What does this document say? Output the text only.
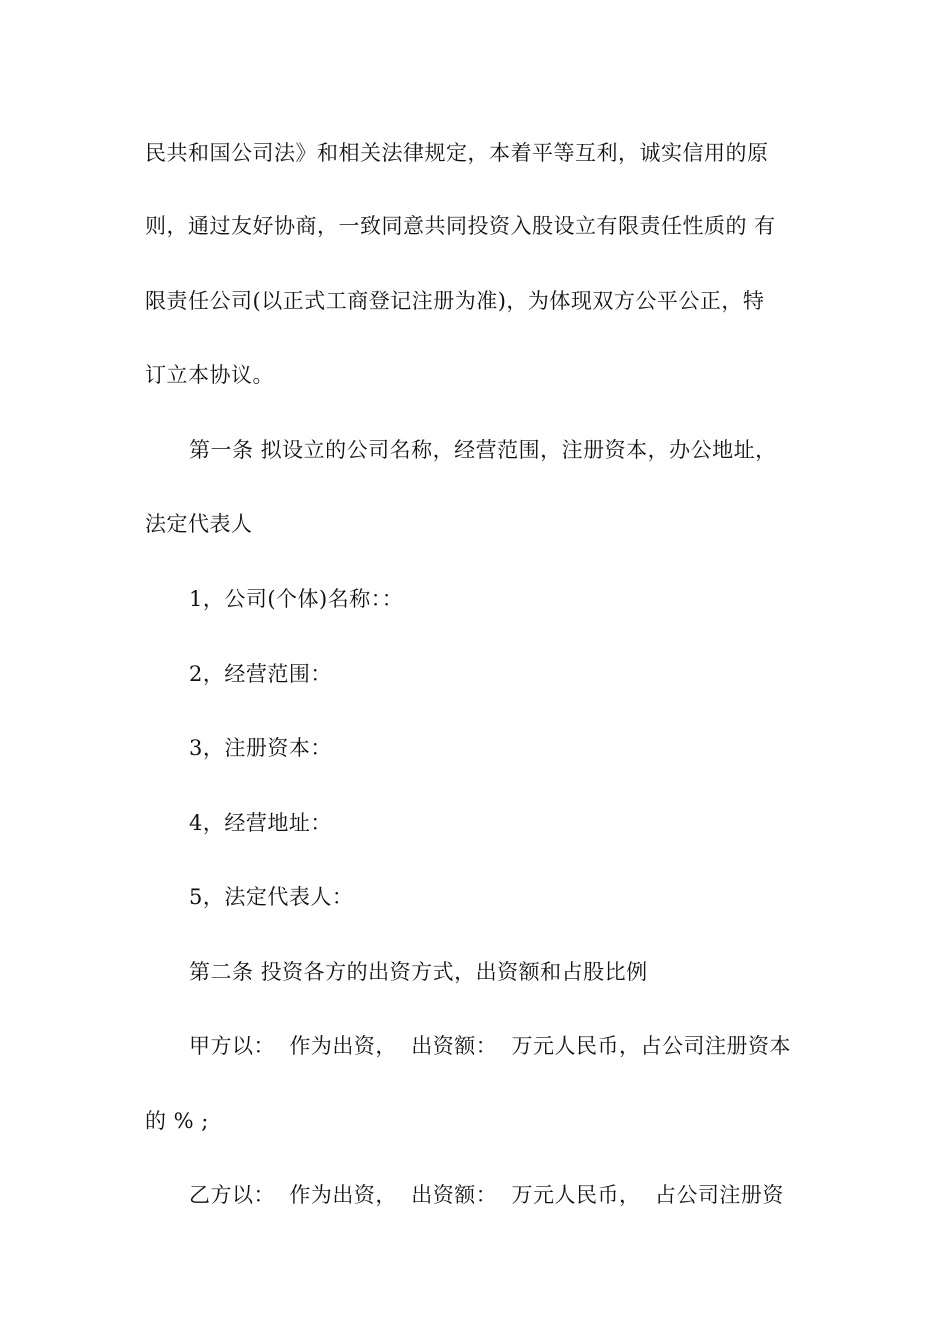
民共和国公司法》和相关法律规定，本着平等互利，诚实信用的原
则，通过友好协商，一致同意共同投资入股设立有限责任性质的 有
限责任公司(以正式工商登记注册为准)，为体现双方公平公正，特
订立本协议。
第一条 拟设立的公司名称，经营范围，注册资本，办公地址，
法定代表人
1，公司(个体)名称：：
2，经营范围：
3，注册资本：
4，经营地址：
5，法定代表人：
第二条 投资各方的出资方式，出资额和占股比例
甲方以：  作为出资，  出资额：  万元人民币，占公司注册资本
的 % ;
乙方以：  作为出资，  出资额：  万元人民币，  占公司注册资
